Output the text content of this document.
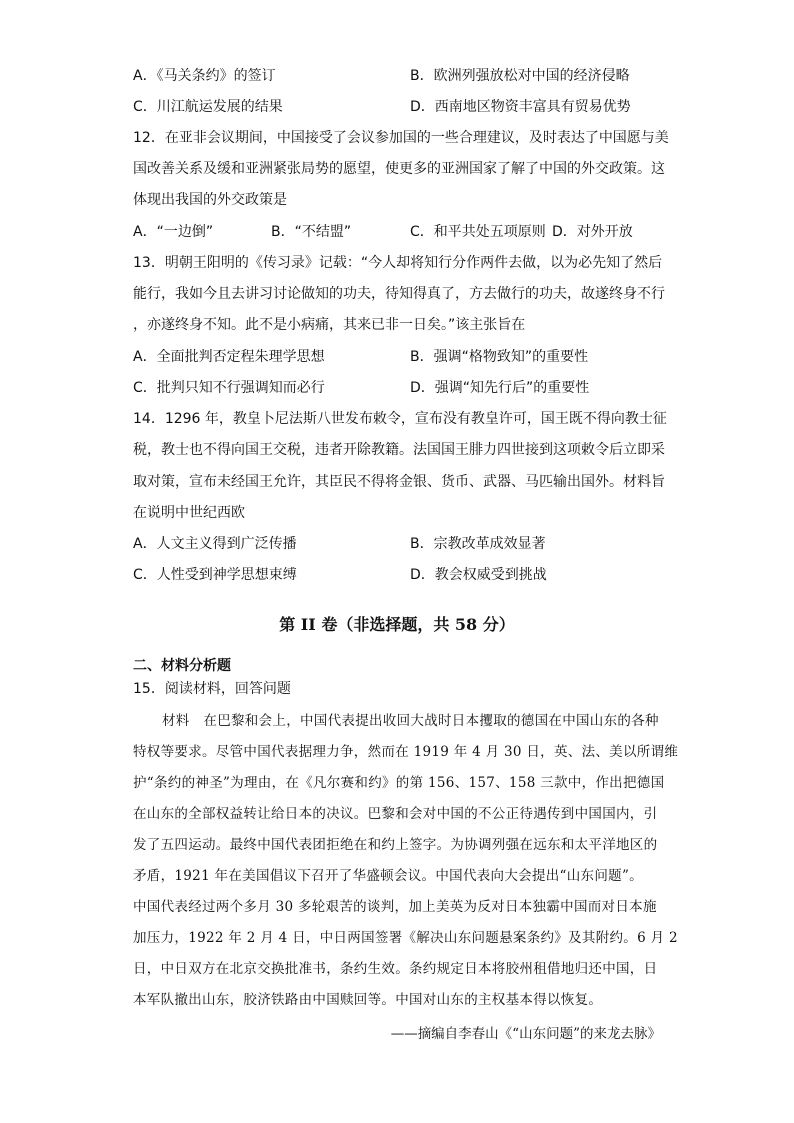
A．《马关条约》的签订	B．欧洲列强放松对中国的经济侵略
C．川江航运发展的结果	D．西南地区物资丰富具有贸易优势
12．在亚非会议期间，中国接受了会议参加国的一些合理建议，及时表达了中国愿与美
国改善关系及缓和亚洲紧张局势的愿望，使更多的亚洲国家了解了中国的外交政策。这
体现出我国的外交政策是
A．“一边倒”	B．“不结盟”	C．和平共处五项原则 D．对外开放
13．明朝王阳明的《传习录》记载：“今人却将知行分作两件去做，以为必先知了然后
能行，我如今且去讲习讨论做知的功夫，待知得真了，方去做行的功夫，故遂终身不行
，亦遂终身不知。此不是小病痛，其来已非一日矣。”该主张旨在
A．全面批判否定程朱理学思想	B．强调“格物致知”的重要性
C．批判只知不行强调知而必行	D．强调“知先行后”的重要性
14．1296 年，教皇卜尼法斯八世发布敕令，宣布没有教皇许可，国王既不得向教士征
税，教士也不得向国王交税，违者开除教籍。法国国王腓力四世接到这项敕令后立即采
取对策，宣布未经国王允许，其臣民不得将金银、货币、武器、马匹输出国外。材料旨
在说明中世纪西欧
A．人文主义得到广泛传播	B．宗教改革成效显著
C．人性受到神学思想束缚	D．教会权威受到挑战
第 II 卷（非选择题，共 58 分）
二、材料分析题
15．阅读材料，回答问题
材料　在巴黎和会上，中国代表提出收回大战时日本攫取的德国在中国山东的各种
特权等要求。尽管中国代表据理力争，然而在 1919 年 4 月 30 日，英、法、美以所谓维
护“条约的神圣”为理由，在《凡尔赛和约》的第 156、157、158 三款中，作出把德国
在山东的全部权益转让给日本的决议。巴黎和会对中国的不公正待遇传到中国国内，引
发了五四运动。最终中国代表团拒绝在和约上签字。为协调列强在远东和太平洋地区的
矛盾，1921 年在美国倡议下召开了华盛顿会议。中国代表向大会提出“山东问题”。
中国代表经过两个多月 30 多轮艰苦的谈判，加上美英为反对日本独霸中国而对日本施
加压力，1922 年 2 月 4 日，中日两国签署《解决山东问题悬案条约》及其附约。6 月 2
日，中日双方在北京交换批准书，条约生效。条约规定日本将胶州租借地归还中国，日
本军队撤出山东，胶济铁路由中国赎回等。中国对山东的主权基本得以恢复。
——摘编自李春山《“山东问题”的来龙去脉》
